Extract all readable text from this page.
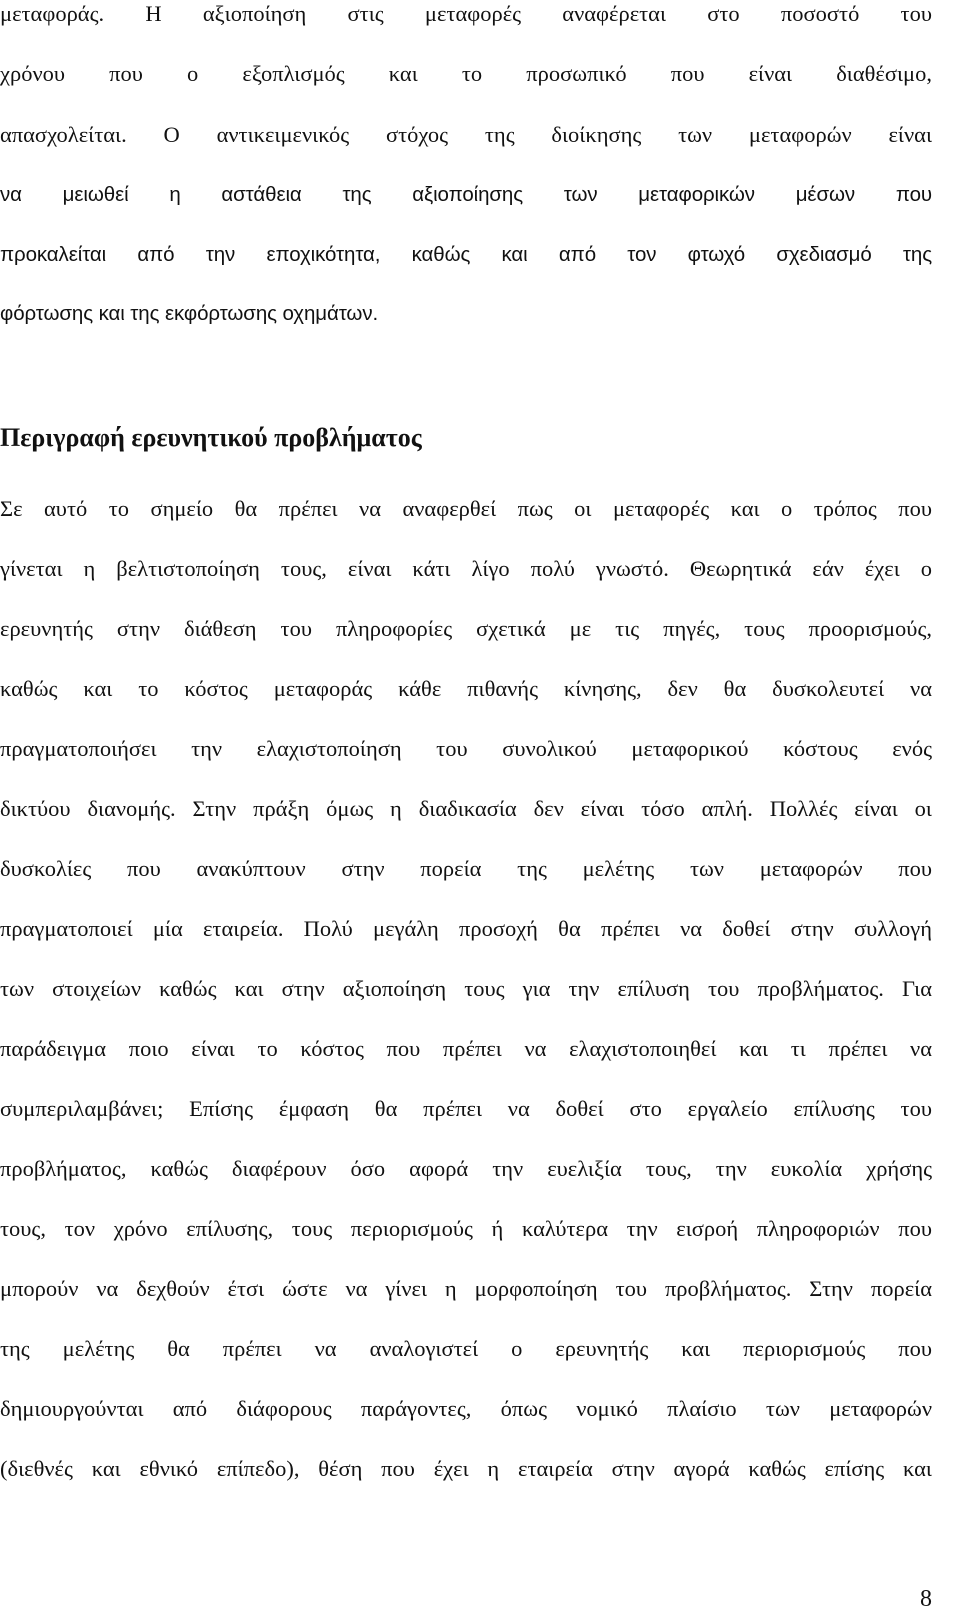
μεταφοράς. Η αξιοποίηση στις μεταφορές αναφέρεται στο ποσοστό του
χρόνου που ο εξοπλισμός και το προσωπικό που είναι διαθέσιμο,
απασχολείται. Ο αντικειμενικός στόχος της διοίκησης των μεταφορών είναι
να μειωθεί η αστάθεια της αξιοποίησης των μεταφορικών μέσων που
προκαλείται από την εποχικότητα, καθώς και από τον φτωχό σχεδιασμό της
φόρτωσης και της εκφόρτωσης οχημάτων.
Περιγραφή ερευνητικού προβλήματος
Σε αυτό το σημείο θα πρέπει να αναφερθεί πως οι μεταφορές και ο τρόπος που
γίνεται η βελτιστοποίηση τους, είναι κάτι λίγο πολύ γνωστό. Θεωρητικά εάν έχει ο
ερευνητής στην διάθεση του πληροφορίες σχετικά με τις πηγές, τους προορισμούς,
καθώς και το κόστος μεταφοράς κάθε πιθανής κίνησης, δεν θα δυσκολευτεί να
πραγματοποιήσει την ελαχιστοποίηση του συνολικού μεταφορικού κόστους ενός
δικτύου διανομής. Στην πράξη όμως η διαδικασία δεν είναι τόσο απλή. Πολλές είναι οι
δυσκολίες που ανακύπτουν στην πορεία της μελέτης των μεταφορών που
πραγματοποιεί μία εταιρεία. Πολύ μεγάλη προσοχή θα πρέπει να δοθεί στην συλλογή
των στοιχείων καθώς και στην αξιοποίηση τους για την επίλυση του προβλήματος. Για
παράδειγμα ποιο είναι το κόστος που πρέπει να ελαχιστοποιηθεί και τι πρέπει να
συμπεριλαμβάνει; Επίσης έμφαση θα πρέπει να δοθεί στο εργαλείο επίλυσης του
προβλήματος, καθώς διαφέρουν όσο αφορά την ευελιξία τους, την ευκολία χρήσης
τους, τον χρόνο επίλυσης, τους περιορισμούς ή καλύτερα την εισροή πληροφοριών που
μπορούν να δεχθούν έτσι ώστε να γίνει η μορφοποίηση του προβλήματος. Στην πορεία
της μελέτης θα πρέπει να αναλογιστεί ο ερευνητής και περιορισμούς που
δημιουργούνται από διάφορους παράγοντες, όπως νομικό πλαίσιο των μεταφορών
(διεθνές και εθνικό επίπεδο), θέση που έχει η εταιρεία στην αγορά καθώς επίσης και
8
